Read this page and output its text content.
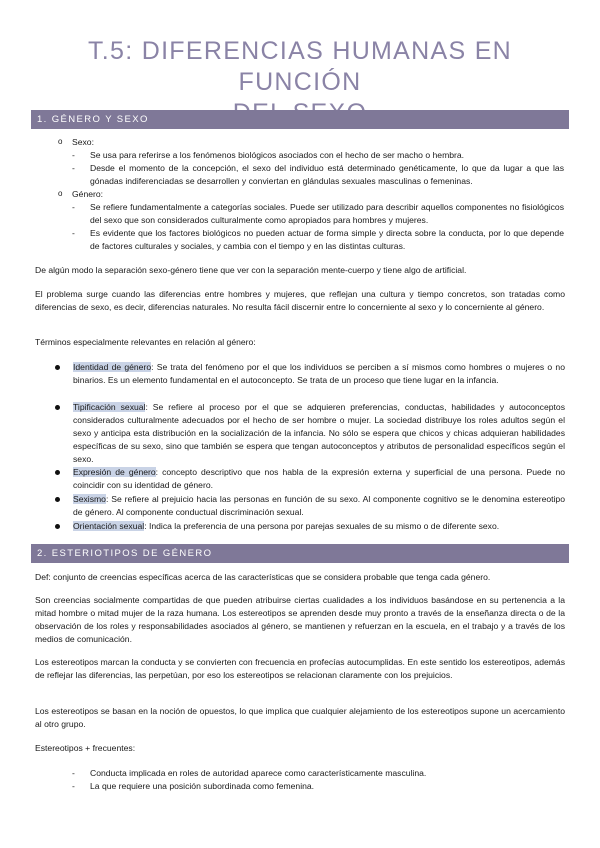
T.5: DIFERENCIAS HUMANAS EN FUNCIÓN
1. GÉNERO Y SEXO
o Sexo:
- Se usa para referirse a los fenómenos biológicos asociados con el hecho de ser macho o hembra.
- Desde el momento de la concepción, el sexo del individuo está determinado genéticamente, lo que da lugar a que las gónadas indiferenciadas se desarrollen y conviertan en glándulas sexuales masculinas o femeninas.
o Género:
- Se refiere fundamentalmente a categorías sociales. Puede ser utilizado para describir aquellos componentes no fisiológicos del sexo que son considerados culturalmente como apropiados para hombres y mujeres.
- Es evidente que los factores biológicos no pueden actuar de forma simple y directa sobre la conducta, por lo que depende de factores culturales y sociales, y cambia con el tiempo y en las distintas culturas.
De algún modo la separación sexo-género tiene que ver con la separación mente-cuerpo y tiene algo de artificial.
El problema surge cuando las diferencias entre hombres y mujeres, que reflejan una cultura y tiempo concretos, son tratadas como diferencias de sexo, es decir, diferencias naturales. No resulta fácil discernir entre lo concerniente al sexo y lo concerniente al género.
Términos especialmente relevantes en relación al género:
Identidad de género: Se trata del fenómeno por el que los individuos se perciben a sí mismos como hombres o mujeres o no binarios. Es un elemento fundamental en el autoconcepto. Se trata de un proceso que tiene lugar en la infancia.
Tipificación sexual: Se refiere al proceso por el que se adquieren preferencias, conductas, habilidades y autoconceptos considerados culturalmente adecuados por el hecho de ser hombre o mujer. La sociedad distribuye los roles adultos según el sexo y anticipa esta distribución en la socialización de la infancia. No sólo se espera que chicos y chicas adquieran habilidades específicas de su sexo, sino que también se espera que tengan autoconceptos y atributos de personalidad específicos según el sexo.
Expresión de género: concepto descriptivo que nos habla de la expresión externa y superficial de una persona. Puede no coincidir con su identidad de género.
Sexismo: Se refiere al prejuicio hacia las personas en función de su sexo. Al componente cognitivo se le denomina estereotipo de género. Al componente conductual discriminación sexual.
Orientación sexual: Indica la preferencia de una persona por parejas sexuales de su mismo o de diferente sexo.
2. ESTERIOTIPOS DE GÉNERO
Def: conjunto de creencias específicas acerca de las características que se considera probable que tenga cada género.
Son creencias socialmente compartidas de que pueden atribuirse ciertas cualidades a los individuos basándose en su pertenencia a la mitad hombre o mitad mujer de la raza humana. Los estereotipos se aprenden desde muy pronto a través de la enseñanza directa o de la observación de los roles y responsabilidades asociados al género, se mantienen y refuerzan en la escuela, en el trabajo y a través de los medios de comunicación.
Los estereotipos marcan la conducta y se convierten con frecuencia en profecías autocumplidas. En este sentido los estereotipos, además de reflejar las diferencias, las perpetúan, por eso los estereotipos se relacionan claramente con los prejuicios.
Los estereotipos se basan en la noción de opuestos, lo que implica que cualquier alejamiento de los estereotipos supone un acercamiento al otro grupo.
Estereotipos + frecuentes:
- Conducta implicada en roles de autoridad aparece como característicamente masculina.
- La que requiere una posición subordinada como femenina.
